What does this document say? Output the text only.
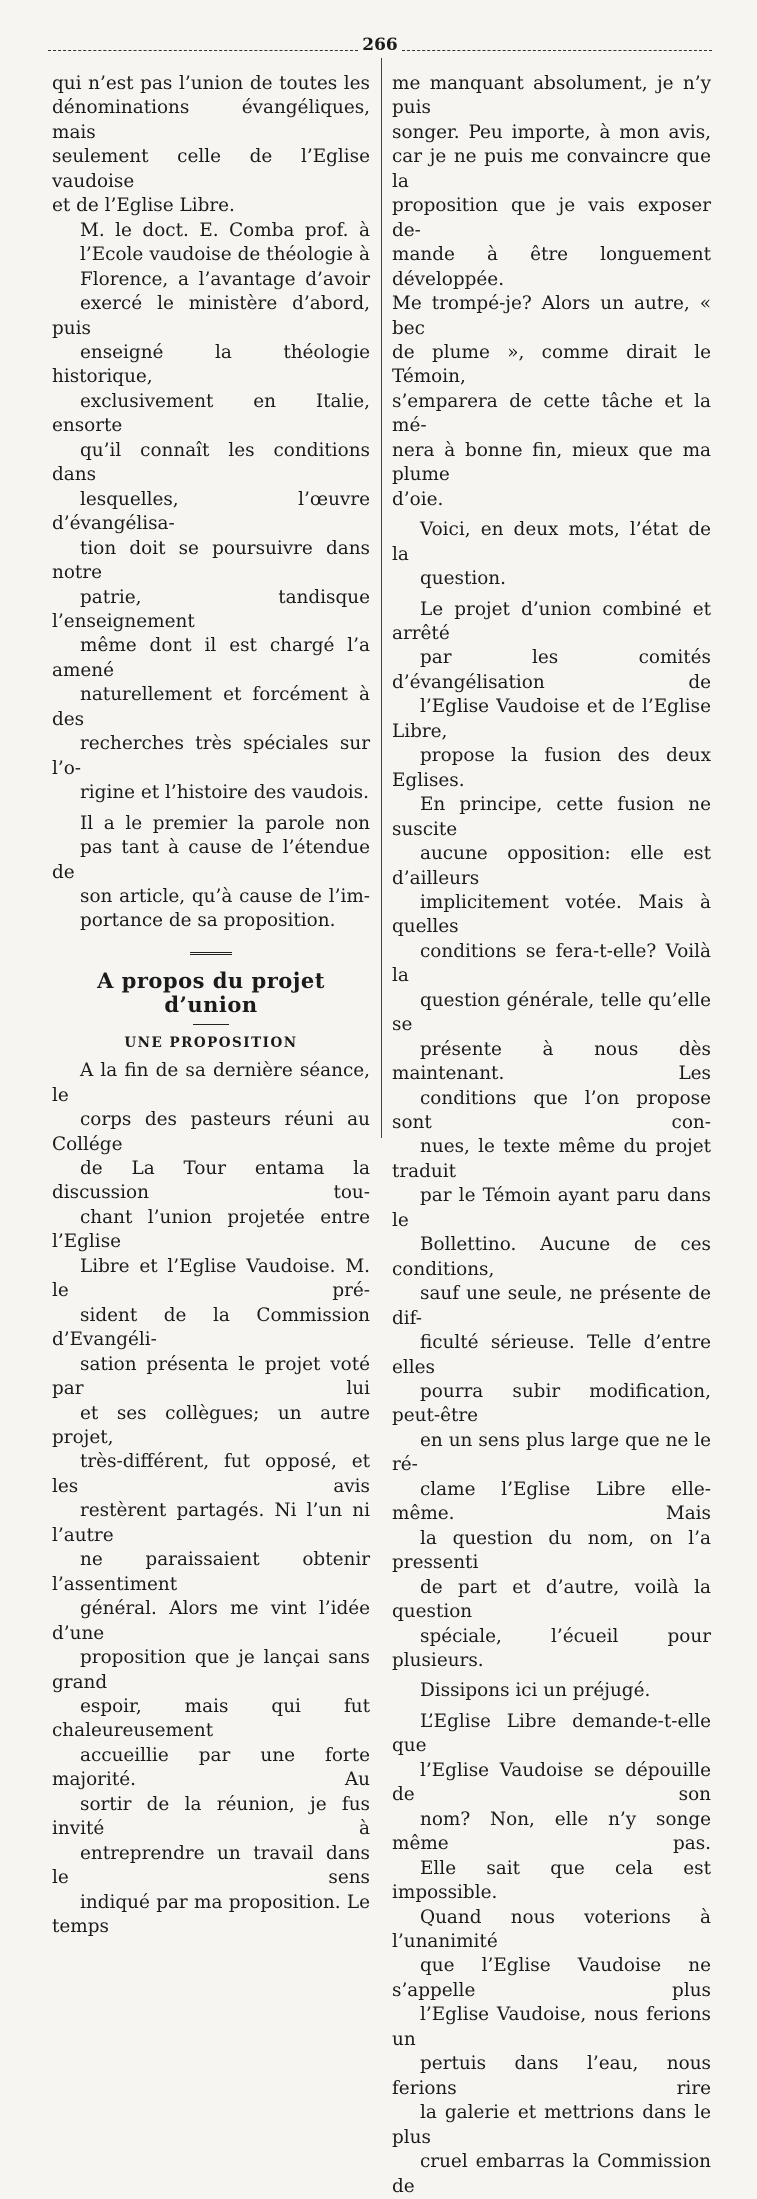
266

qui n’est pas l’union de toutes les
dénominations évangéliques, mais
seulement celle de l’Eglise vaudoise
et de l’Eglise Libre.

M. le doct. E. Comba prof. à
l’Ecole vaudoise de théologie à
Florence, a l’avantage d’avoir
exercé le ministère d’abord, puis
enseigné la théologie historique,
exclusivement en Italie, ensorte
qu’il connaît les conditions dans
lesquelles, l’œuvre d’évangélisa-
tion doit se poursuivre dans notre
patrie, tandisque l’enseignement
même dont il est chargé l’a amené
naturellement et forcément à des
recherches très spéciales sur l’o-
rigine et l’histoire des vaudois.

Il a le premier la parole non
pas tant à cause de l’étendue de
son article, qu’à cause de l’im-
portance de sa proposition.

A propos du projet d’union
UNE PROPOSITION

A la fin de sa dernière séance, le
corps des pasteurs réuni au Collége
de La Tour entama la discussion tou-
chant l’union projetée entre l’Eglise
Libre et l’Eglise Vaudoise. M. le pré-
sident de la Commission d’Evangéli-
sation présenta le projet voté par lui
et ses collègues; un autre projet,
très-différent, fut opposé, et les avis
restèrent partagés. Ni l’un ni l’autre
ne paraissaient obtenir l’assentiment
général. Alors me vint l’idée d’une
proposition que je lançai sans grand
espoir, mais qui fut chaleureusement
accueillie par une forte majorité. Au
sortir de la réunion, je fus invité à
entreprendre un travail dans le sens
indiqué par ma proposition. Le temps

me manquant absolument, je n’y puis
songer. Peu importe, à mon avis,
car je ne puis me convaincre que la
proposition que je vais exposer de-
mande à être longuement développée.
Me trompé-je? Alors un autre, « bec
de plume », comme dirait le Témoin,
s’emparera de cette tâche et la mé-
nera à bonne fin, mieux que ma plume
d’oie.

Voici, en deux mots, l’état de la
question.

Le projet d’union combiné et arrêté
par les comités d’évangélisation de
l’Eglise Vaudoise et de l’Eglise Libre,
propose la fusion des deux Eglises.
En principe, cette fusion ne suscite
aucune opposition: elle est d’ailleurs
implicitement votée. Mais à quelles
conditions se fera-t-elle? Voilà la
question générale, telle qu’elle se
présente à nous dès maintenant. Les
conditions que l’on propose sont con-
nues, le texte même du projet traduit
par le Témoin ayant paru dans le
Bollettino. Aucune de ces conditions,
sauf une seule, ne présente de dif-
ficulté sérieuse. Telle d’entre elles
pourra subir modification, peut-être
en un sens plus large que ne le ré-
clame l’Eglise Libre elle-même. Mais
la question du nom, on l’a pressenti
de part et d’autre, voilà la question
spéciale, l’écueil pour plusieurs.

Dissipons ici un préjugé.

L’Eglise Libre demande-t-elle que
l’Eglise Vaudoise se dépouille de son
nom? Non, elle n’y songe même pas.
Elle sait que cela est impossible.
Quand nous voterions à l’unanimité
que l’Eglise Vaudoise ne s’appelle plus
l’Eglise Vaudoise, nous ferions un
pertuis dans l’eau, nous ferions rire
la galerie et mettrions dans le plus
cruel embarras la Commission de
